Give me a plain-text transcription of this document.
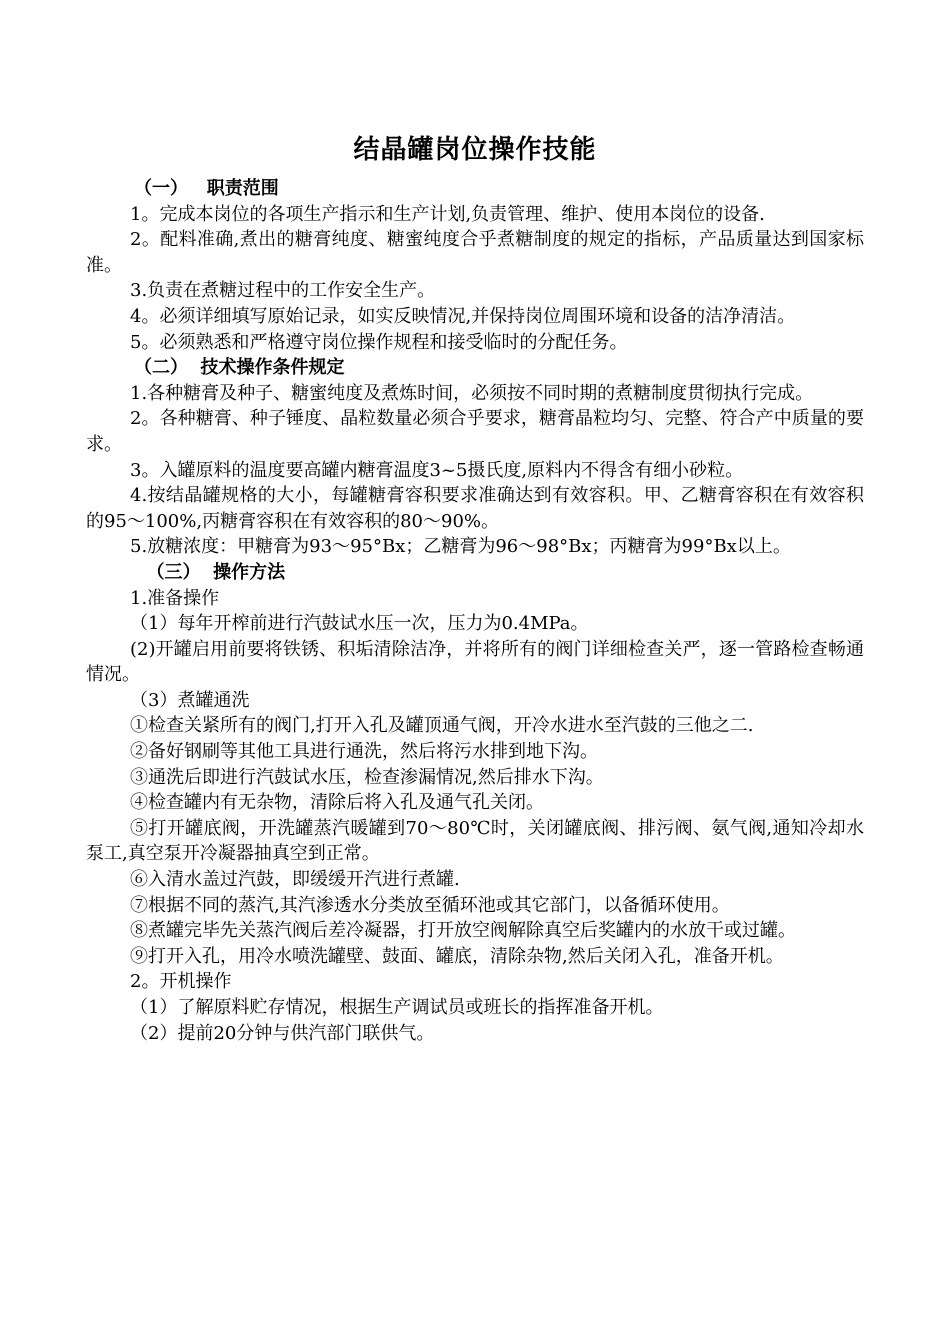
结晶罐岗位操作技能
（一）   职责范围

1。完成本岗位的各项生产指示和生产计划,负责管理、维护、使用本岗位的设备.

2。配料准确,煮出的糖膏纯度、糖蜜纯度合乎煮糖制度的规定的指标，产品质量达到国家标准。

3.负责在煮糖过程中的工作安全生产。

4。必须详细填写原始记录，如实反映情况,并保持岗位周围环境和设备的洁净清洁。

5。必须熟悉和严格遵守岗位操作规程和接受临时的分配任务。

（二）  技术操作条件规定

1.各种糖膏及种子、糖蜜纯度及煮炼时间，必须按不同时期的煮糖制度贯彻执行完成。

2。各种糖膏、种子锤度、晶粒数量必须合乎要求，糖膏晶粒均匀、完整、符合产中质量的要求。

3。入罐原料的温度要高罐内糖膏温度3~5摄氏度,原料内不得含有细小砂粒。

4.按结晶罐规格的大小，每罐糖膏容积要求准确达到有效容积。甲、乙糖膏容积在有效容积的95～100%,丙糖膏容积在有效容积的80～90%。

5.放糖浓度：甲糖膏为93～95°Bx；乙糖膏为96～98°Bx；丙糖膏为99°Bx以上。

（三）  操作方法

1.准备操作

（1）每年开榨前进行汽鼓试水压一次，压力为0.4MPa。

(2)开罐启用前要将铁锈、积垢清除洁净，并将所有的阀门详细检查关严，逐一管路检查畅通情况。

（3）煮罐通洗

①检查关紧所有的阀门,打开入孔及罐顶通气阀，开冷水进水至汽鼓的三他之二.

②备好钢刷等其他工具进行通洗，然后将污水排到地下沟。

③通洗后即进行汽鼓试水压，检查渗漏情况,然后排水下沟。

④检查罐内有无杂物，清除后将入孔及通气孔关闭。

⑤打开罐底阀，开洗罐蒸汽暖罐到70～80℃时，关闭罐底阀、排污阀、氨气阀,通知冷却水泵工,真空泵开冷凝器抽真空到正常。

⑥入清水盖过汽鼓，即缓缓开汽进行煮罐.

⑦根据不同的蒸汽,其汽渗透水分类放至循环池或其它部门，以备循环使用。

⑧煮罐完毕先关蒸汽阀后差冷凝器，打开放空阀解除真空后奖罐内的水放干或过罐。

⑨打开入孔，用冷水喷洗罐壁、鼓面、罐底，清除杂物,然后关闭入孔，准备开机。

2。开机操作

（1）了解原料贮存情况，根据生产调试员或班长的指挥准备开机。

（2）提前20分钟与供汽部门联供气。
